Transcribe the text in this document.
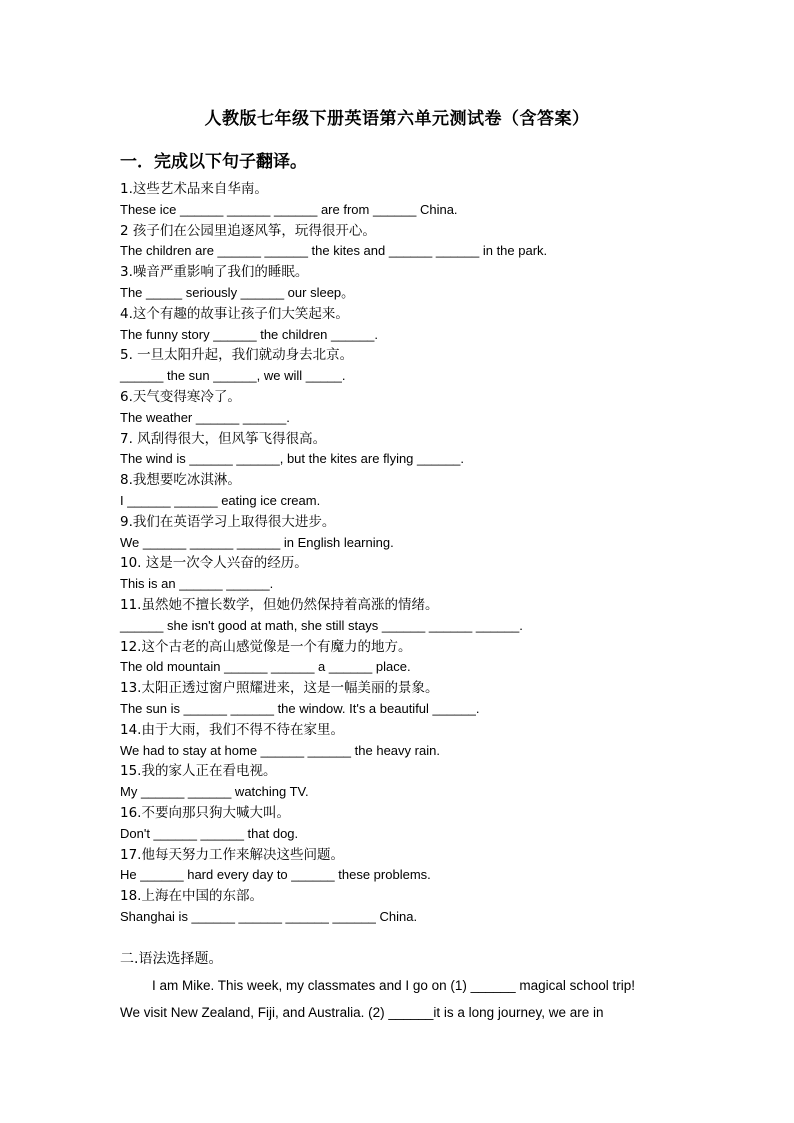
人教版七年级下册英语第六单元测试卷（含答案）
一．完成以下句子翻译。
1.这些艺术品来自华南。
These ice ______ ______ ______ are from ______ China.
2 孩子们在公园里追逐风筝，玩得很开心。
The children are ______ ______ the kites and ______ ______ in the park.
3.噪音严重影响了我们的睡眠。
The _____ seriously ______ our sleep。
4.这个有趣的故事让孩子们大笑起来。
The funny story ______ the children ______.
5. 一旦太阳升起，我们就动身去北京。
______ the sun ______, we will _____.
6.天气变得寒冷了。
The weather ______ ______.
7. 风刮得很大，但风筝飞得很高。
The wind is ______ ______, but the kites are flying ______.
8.我想要吃冰淇淋。
I ______ ______ eating ice cream.
9.我们在英语学习上取得很大进步。
We ______ ______ ______ in English learning.
10. 这是一次令人兴奋的经历。
This is an ______ ______.
11.虽然她不擅长数学，但她仍然保持着高涨的情绪。
______ she isn't good at math, she still stays ______ ______ ______.
12.这个古老的高山感觉像是一个有魔力的地方。
The old mountain ______ ______ a ______ place.
13.太阳正透过窗户照耀进来，这是一幅美丽的景象。
The sun is ______ ______ the window. It's a beautiful ______.
14.由于大雨，我们不得不待在家里。
We had to stay at home ______ ______ the heavy rain.
15.我的家人正在看电视。
My ______ ______ watching TV.
16.不要向那只狗大喊大叫。
Don't ______ ______ that dog.
17.他每天努力工作来解决这些问题。
He ______ hard every day to ______ these problems.
18.上海在中国的东部。
Shanghai is ______ ______ ______ ______ China.
二.语法选择题。
I am Mike. This week, my classmates and I go on (1) ______ magical school trip!
We visit New Zealand, Fiji, and Australia. (2) ______it is a long journey, we are in
